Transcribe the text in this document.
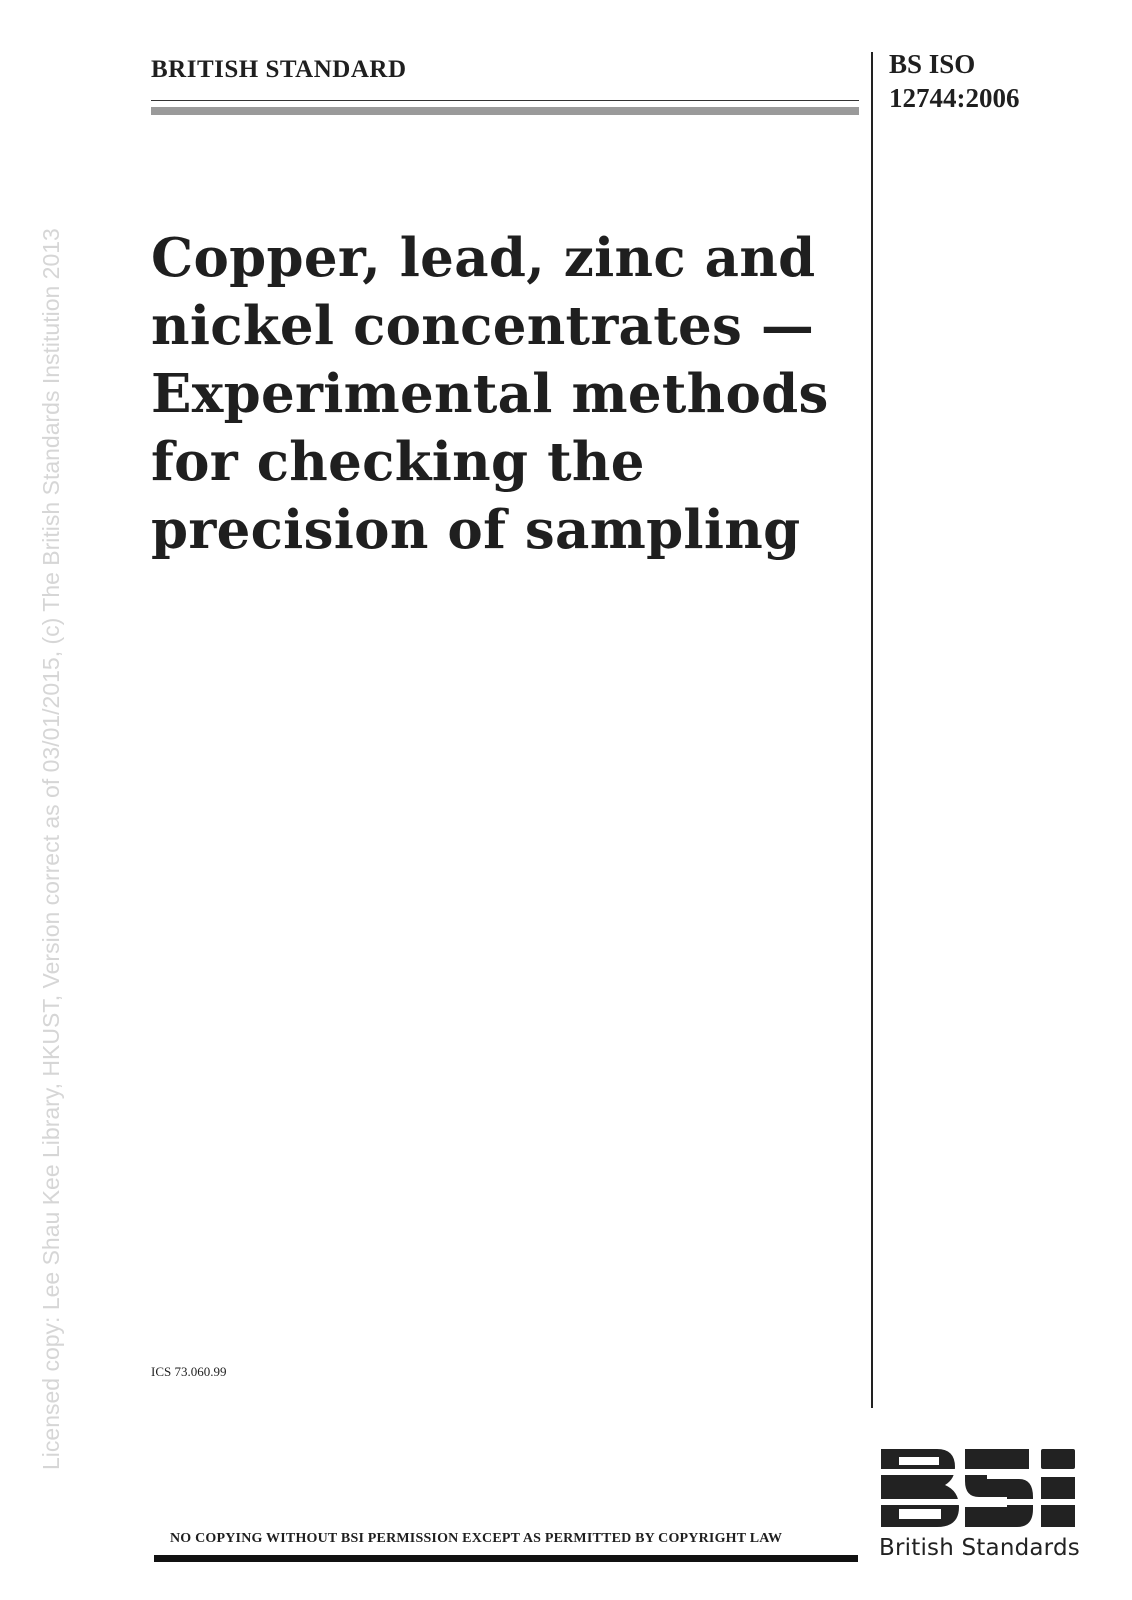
Licensed copy: Lee Shau Kee Library, HKUST, Version correct as of 03/01/2015, (c) The British Standards Institution 2013
BRITISH STANDARD	BS ISO
12744:2006
Copper, lead, zinc and
nickel concentrates —
Experimental methods
for checking the
precision of sampling
ICS 73.060.99
British Standards
NO COPYING WITHOUT BSI PERMISSION EXCEPT AS PERMITTED BY COPYRIGHT LAW
